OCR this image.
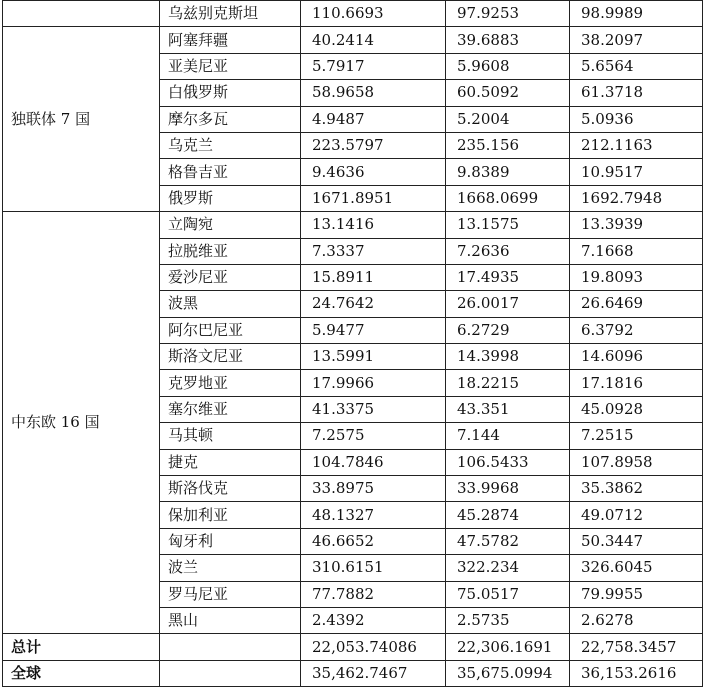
	乌兹别克斯坦	110.6693	97.9253	98.9989
独联体 7 国	阿塞拜疆	40.2414	39.6883	38.2097
	亚美尼亚	5.7917	5.9608	5.6564
	白俄罗斯	58.9658	60.5092	61.3718
	摩尔多瓦	4.9487	5.2004	5.0936
	乌克兰	223.5797	235.156	212.1163
	格鲁吉亚	9.4636	9.8389	10.9517
	俄罗斯	1671.8951	1668.0699	1692.7948
中东欧 16 国	立陶宛	13.1416	13.1575	13.3939
	拉脱维亚	7.3337	7.2636	7.1668
	爱沙尼亚	15.8911	17.4935	19.8093
	波黑	24.7642	26.0017	26.6469
	阿尔巴尼亚	5.9477	6.2729	6.3792
	斯洛文尼亚	13.5991	14.3998	14.6096
	克罗地亚	17.9966	18.2215	17.1816
	塞尔维亚	41.3375	43.351	45.0928
	马其顿	7.2575	7.144	7.2515
	捷克	104.7846	106.5433	107.8958
	斯洛伐克	33.8975	33.9968	35.3862
	保加利亚	48.1327	45.2874	49.0712
	匈牙利	46.6652	47.5782	50.3447
	波兰	310.6151	322.234	326.6045
	罗马尼亚	77.7882	75.0517	79.9955
	黑山	2.4392	2.5735	2.6278
总计		22,053.74086	22,306.1691	22,758.3457
全球		35,462.7467	35,675.0994	36,153.2616
